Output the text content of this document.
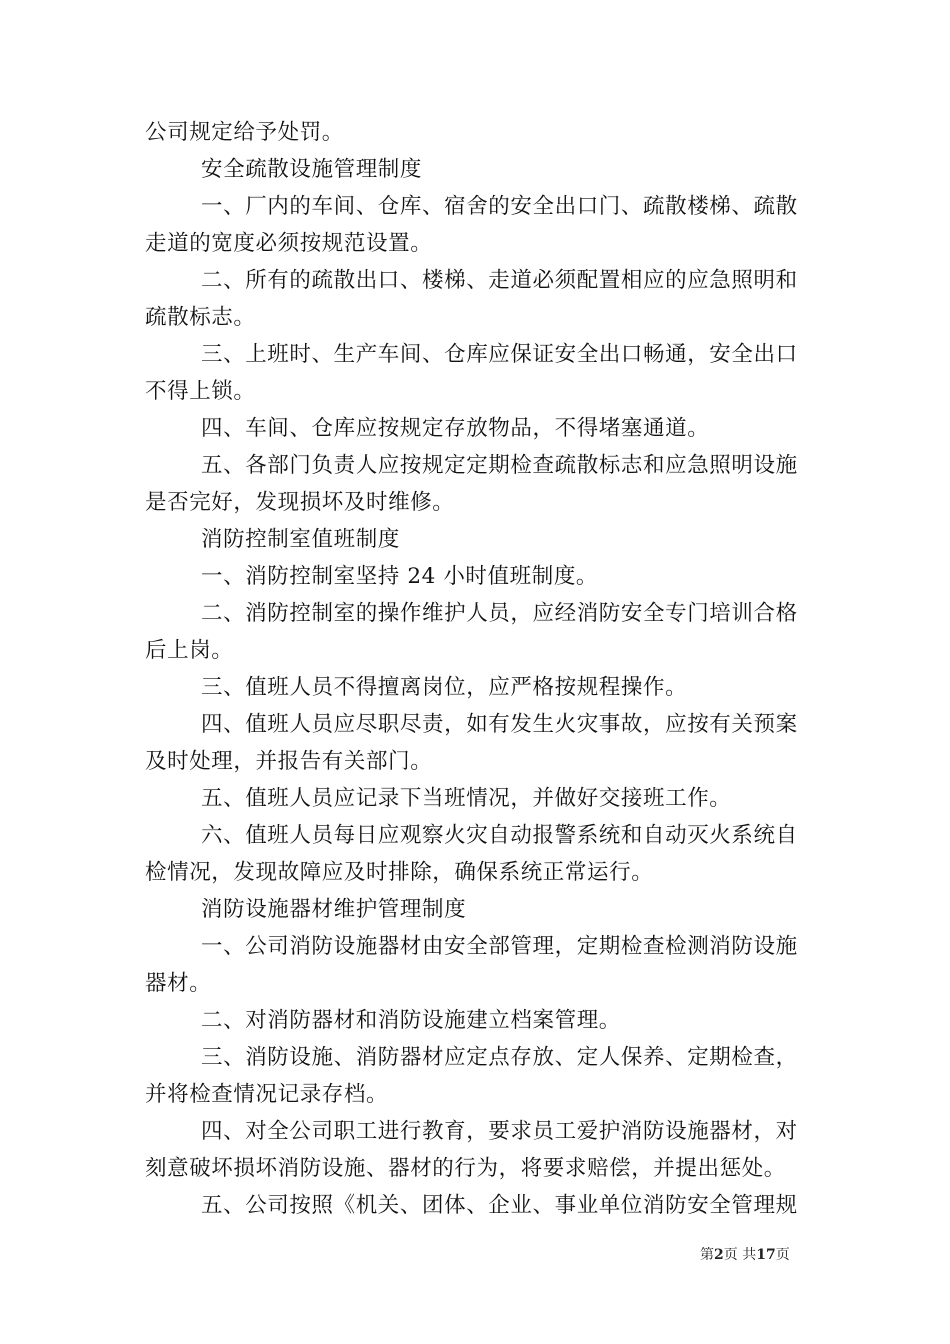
公司规定给予处罚。
安全疏散设施管理制度
一、厂内的车间、仓库、宿舍的安全出口门、疏散楼梯、疏散
走道的宽度必须按规范设置。
二、所有的疏散出口、楼梯、走道必须配置相应的应急照明和
疏散标志。
三、上班时、生产车间、仓库应保证安全出口畅通，安全出口
不得上锁。
四、车间、仓库应按规定存放物品，不得堵塞通道。
五、各部门负责人应按规定定期检查疏散标志和应急照明设施
是否完好，发现损坏及时维修。
消防控制室值班制度
一、消防控制室坚持 24 小时值班制度。
二、消防控制室的操作维护人员，应经消防安全专门培训合格
后上岗。
三、值班人员不得擅离岗位，应严格按规程操作。
四、值班人员应尽职尽责，如有发生火灾事故，应按有关预案
及时处理，并报告有关部门。
五、值班人员应记录下当班情况，并做好交接班工作。
六、值班人员每日应观察火灾自动报警系统和自动灭火系统自
检情况，发现故障应及时排除，确保系统正常运行。
消防设施器材维护管理制度
一、公司消防设施器材由安全部管理，定期检查检测消防设施
器材。
二、对消防器材和消防设施建立档案管理。
三、消防设施、消防器材应定点存放、定人保养、定期检查，
并将检查情况记录存档。
四、对全公司职工进行教育，要求员工爱护消防设施器材，对
刻意破坏损坏消防设施、器材的行为，将要求赔偿，并提出惩处。
五、公司按照《机关、团体、企业、事业单位消防安全管理规
第2页 共17页
